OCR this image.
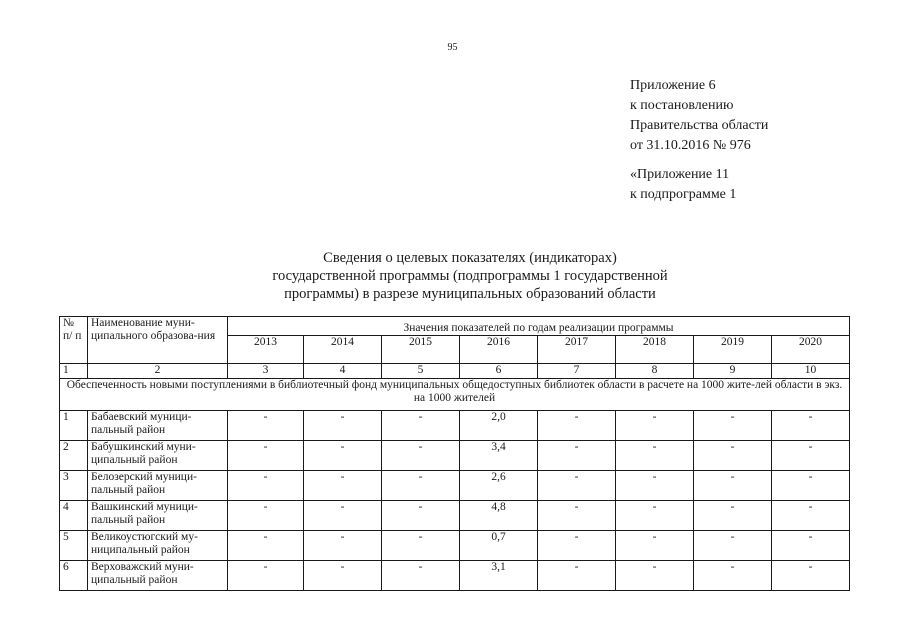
95
Приложение 6
к постановлению
Правительства области
от 31.10.2016 № 976
«Приложение 11
к подпрограмме 1
Сведения о целевых показателях (индикаторах)
государственной программы (подпрограммы 1 государственной
программы) в разрезе муниципальных образований области
№ п/ п	Наименование муни-ципального образова-ния	Значения показателей по годам реализации программы							
		2013	2014	2015	2016	2017	2018	2019	2020
1	2	3	4	5	6	7	8	9	10
Обеспеченность новыми поступлениями в библиотечный фонд муниципальных общедоступных библиотек области в расчете на 1000 жите-лей области в экз. на 1000 жителей									
1	Бабаевский муници-пальный район	-	-	-	2,0	-	-	-	-
2	Бабушкинский муни-ципальный район	-	-	-	3,4	-	-	-	-
3	Белозерский муници-пальный район	-	-	-	2,6	-	-	-	-
4	Вашкинский муници-пальный район	-	-	-	4,8	-	-	-	-
5	Великоустюгский му-ниципальный район	-	-	-	0,7	-	-	-	-
6	Верховажский муни-ципальный район	-	-	-	3,1	-	-	-	-
